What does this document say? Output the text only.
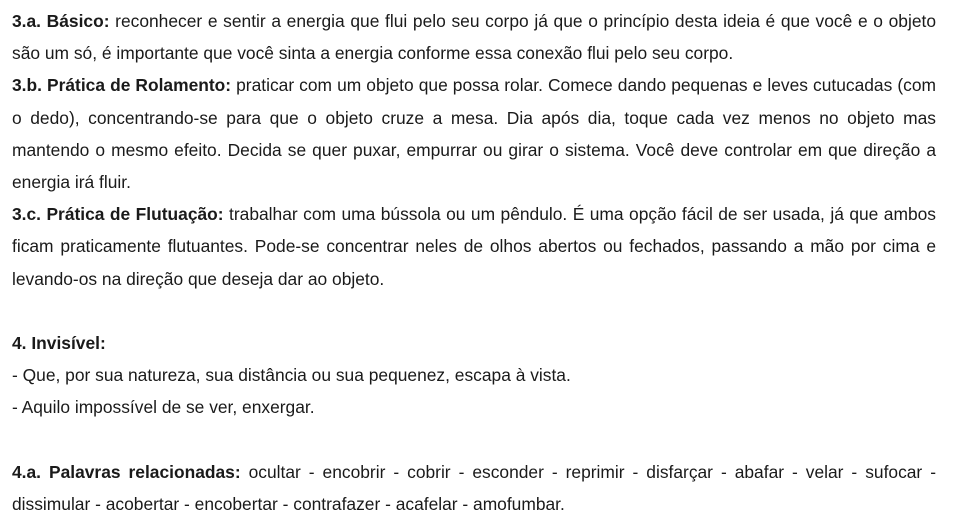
3.a. Básico: reconhecer e sentir a energia que flui pelo seu corpo já que o princípio desta ideia é que você e o objeto são um só, é importante que você sinta a energia conforme essa conexão flui pelo seu corpo.

3.b. Prática de Rolamento: praticar com um objeto que possa rolar. Comece dando pequenas e leves cutucadas (com o dedo), concentrando-se para que o objeto cruze a mesa. Dia após dia, toque cada vez menos no objeto mas mantendo o mesmo efeito. Decida se quer puxar, empurrar ou girar o sistema. Você deve controlar em que direção a energia irá fluir.

3.c. Prática de Flutuação: trabalhar com uma bússola ou um pêndulo. É uma opção fácil de ser usada, já que ambos ficam praticamente flutuantes. Pode-se concentrar neles de olhos abertos ou fechados, passando a mão por cima e levando-os na direção que deseja dar ao objeto.

4. Invisível:

- Que, por sua natureza, sua distância ou sua pequenez, escapa à vista.

- Aquilo impossível de se ver, enxergar.

4.a. Palavras relacionadas: ocultar - encobrir - cobrir - esconder - reprimir - disfarçar - abafar - velar - sufocar - dissimular - acobertar - encobertar - contrafazer - acafelar - amofumbar.
